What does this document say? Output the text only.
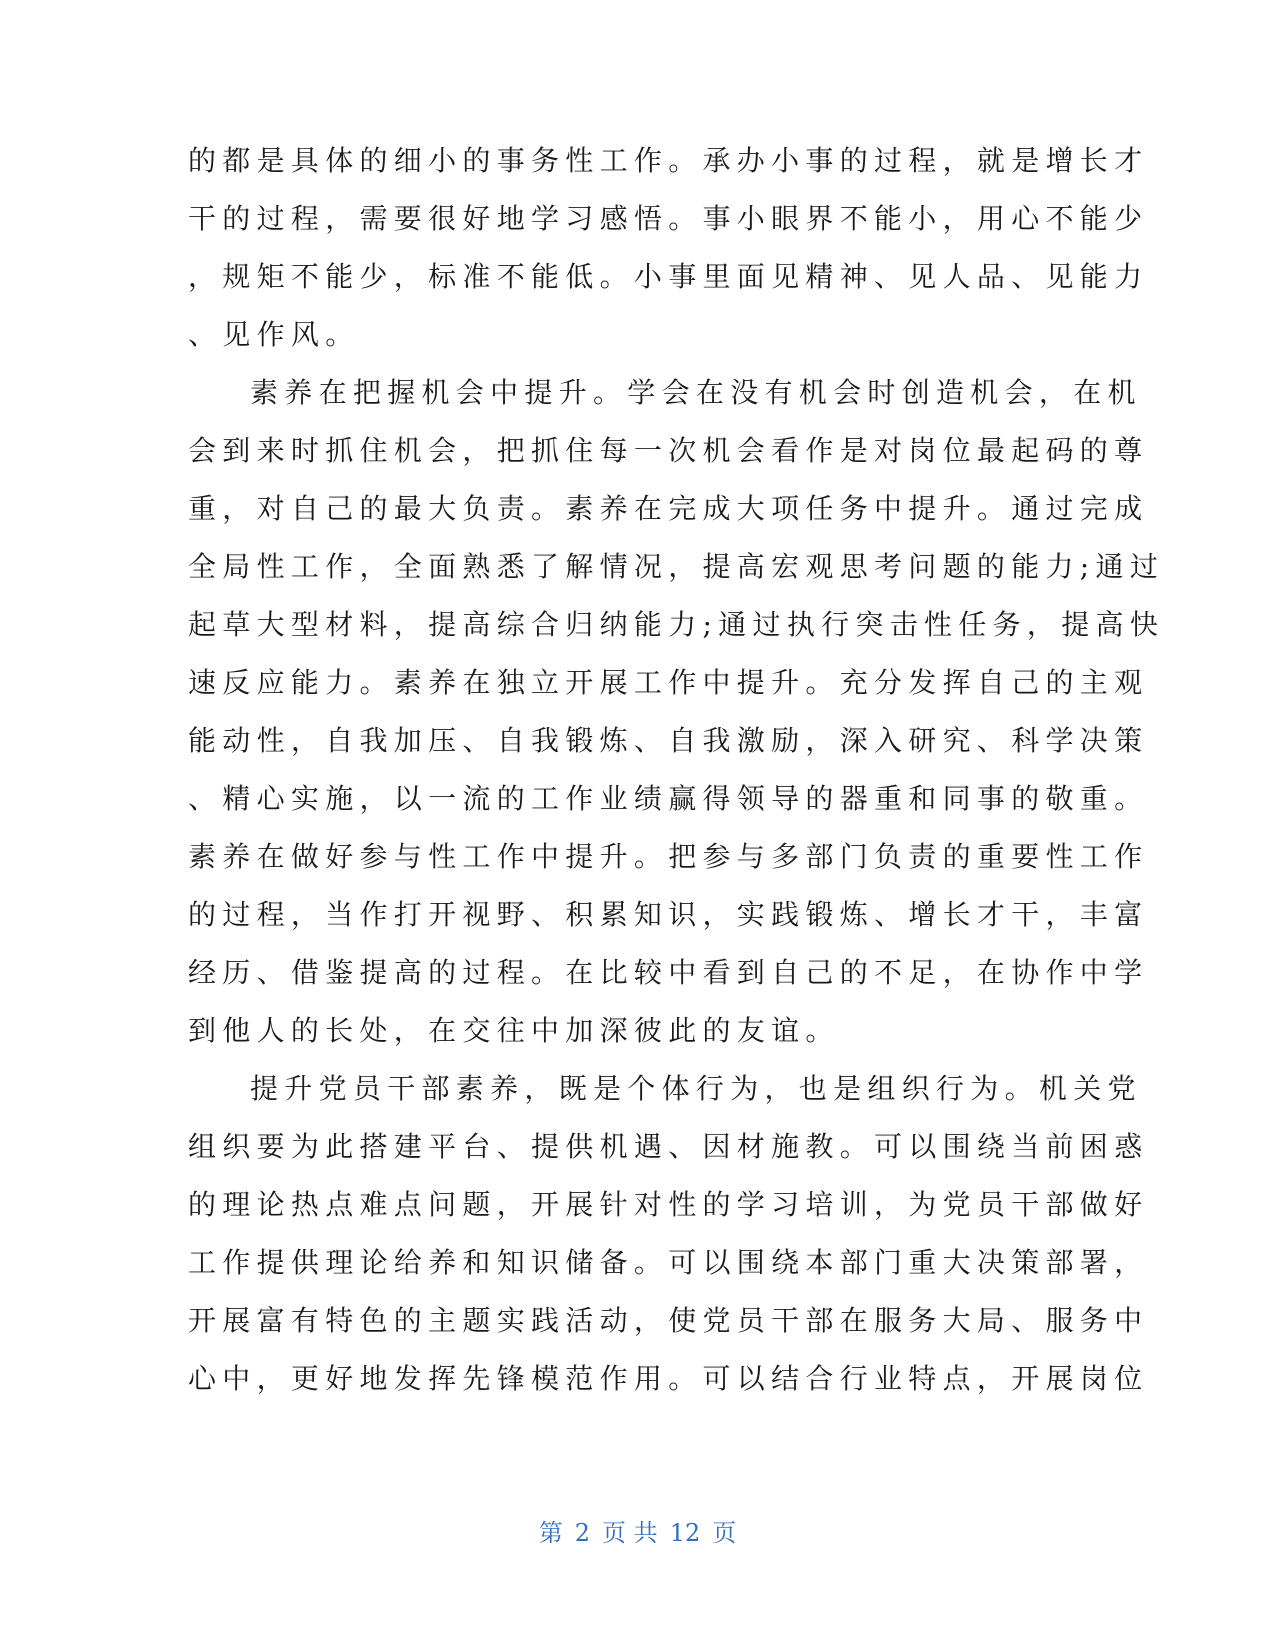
的都是具体的细小的事务性工作。承办小事的过程，就是增长才

干的过程，需要很好地学习感悟。事小眼界不能小，用心不能少

，规矩不能少，标准不能低。小事里面见精神、见人品、见能力

、见作风。

素养在把握机会中提升。学会在没有机会时创造机会，在机

会到来时抓住机会，把抓住每一次机会看作是对岗位最起码的尊

重，对自己的最大负责。素养在完成大项任务中提升。通过完成

全局性工作，全面熟悉了解情况，提高宏观思考问题的能力;通过

起草大型材料，提高综合归纳能力;通过执行突击性任务，提高快

速反应能力。素养在独立开展工作中提升。充分发挥自己的主观

能动性，自我加压、自我锻炼、自我激励，深入研究、科学决策

、精心实施，以一流的工作业绩赢得领导的器重和同事的敬重。

素养在做好参与性工作中提升。把参与多部门负责的重要性工作

的过程，当作打开视野、积累知识，实践锻炼、增长才干，丰富

经历、借鉴提高的过程。在比较中看到自己的不足，在协作中学

到他人的长处，在交往中加深彼此的友谊。

提升党员干部素养，既是个体行为，也是组织行为。机关党

组织要为此搭建平台、提供机遇、因材施教。可以围绕当前困惑

的理论热点难点问题，开展针对性的学习培训，为党员干部做好

工作提供理论给养和知识储备。可以围绕本部门重大决策部署，

开展富有特色的主题实践活动，使党员干部在服务大局、服务中

心中，更好地发挥先锋模范作用。可以结合行业特点，开展岗位

第 2 页 共 12 页
